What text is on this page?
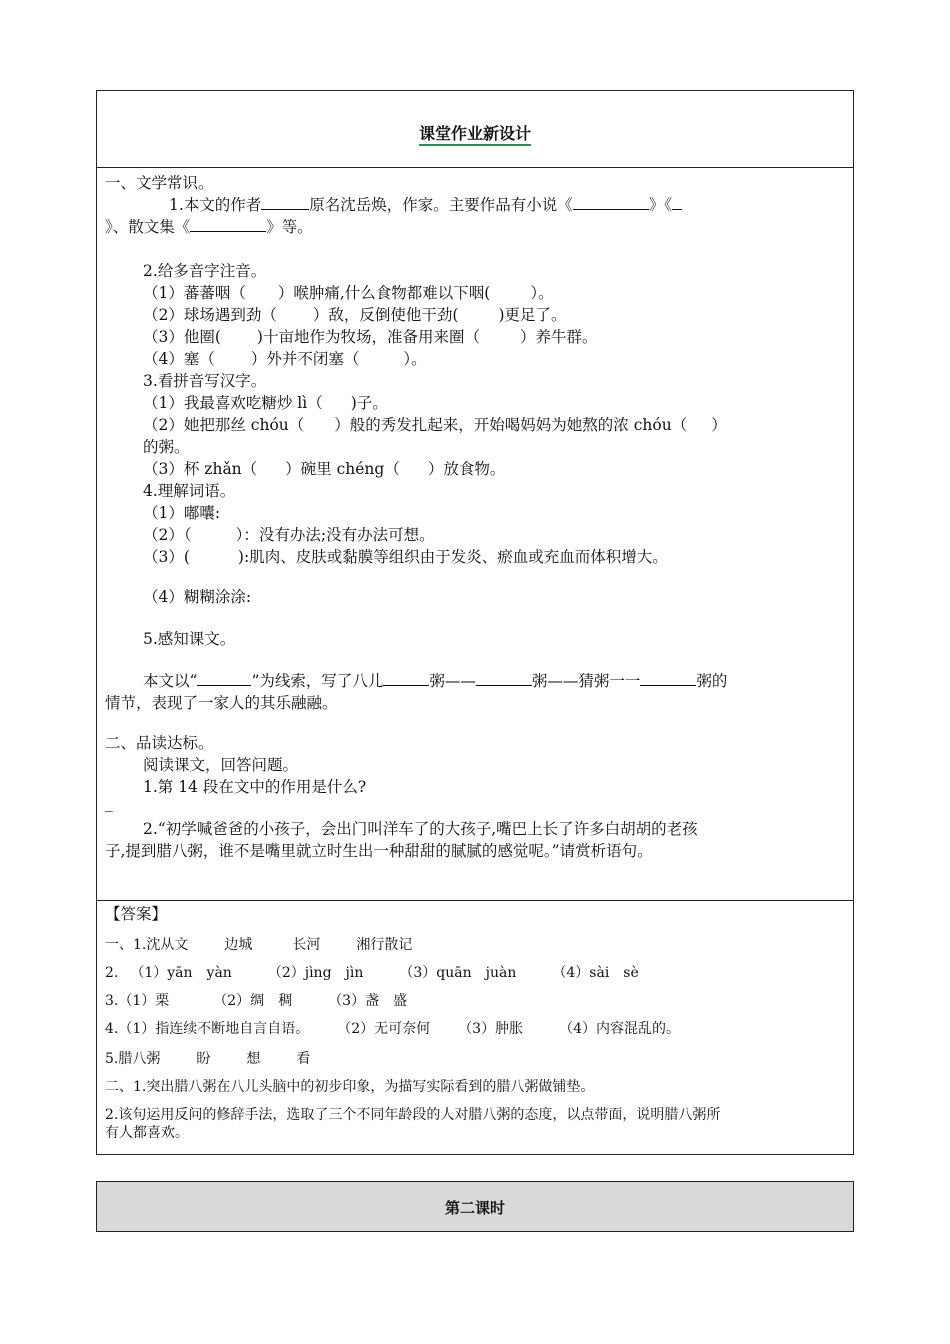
课堂作业新设计
一、文学常识。
1.本文的作者	原名沈岳焕，作家。主要作品有小说《	》《
》、散文集《	》等。
2.给多音字注音。
（1）蕃蕃咽（ ）喉肿痛,什么食物都难以下咽(	）。
（2）球场遇到劲（ ）敌，反倒使他干劲(	)更足了。
（3）他圈( )十亩地作为牧场，准备用来圈（	）养牛群。
（4）塞（ ）外并不闭塞（	）。
3.看拼音写汉字。
（1）我最喜欢吃糖炒 lì（ )子。
（2）她把那丝 chóu（ ）般的秀发扎起来，开始喝妈妈为她熬的浓 chóu（ ）
的粥。
（3）杯 zhǎn（ ）碗里 chéng（ ）放食物。
4.理解词语。
（1）嘟囔:
（2）（	）：没有办法;没有办法可想。
（3）(	):肌肉、皮肤或黏膜等组织由于发炎、瘀血或充血而体积增大。
（4）糊糊涂涂:
5.感知课文。
本文以“	”为线索，写了八儿	粥——	粥——猜粥一一	粥的
情节，表现了一家人的其乐融融。
二、品读达标。
阅读课文，回答问题。
1.第 14 段在文中的作用是什么?
_
2.“初学喊爸爸的小孩子，会出门叫洋车了的大孩子,嘴巴上长了许多白胡胡的老孩
子,提到腊八粥，谁不是嘴里就立时生出一种甜甜的腻腻的感觉呢。”请赏析语句。
【答案】
一、1.沈从文	边城	长河	湘行散记
2. （1）yān yàn	（2）jìng jìn	（3）quān juàn	（4）sài sè
3.（1）栗	（2）绸 稠	（3）盏 盛
4.（1）指连续不断地自言自语。 （2）无可奈何 （3）肿胀	（4）内容混乱的。
5.腊八粥	盼	想	看
二、1.突出腊八粥在八儿头脑中的初步印象，为描写实际看到的腊八粥做铺垫。
2.该句运用反问的修辞手法，选取了三个不同年龄段的人对腊八粥的态度，以点带面，说明腊八粥所
有人都喜欢。
第二课时
